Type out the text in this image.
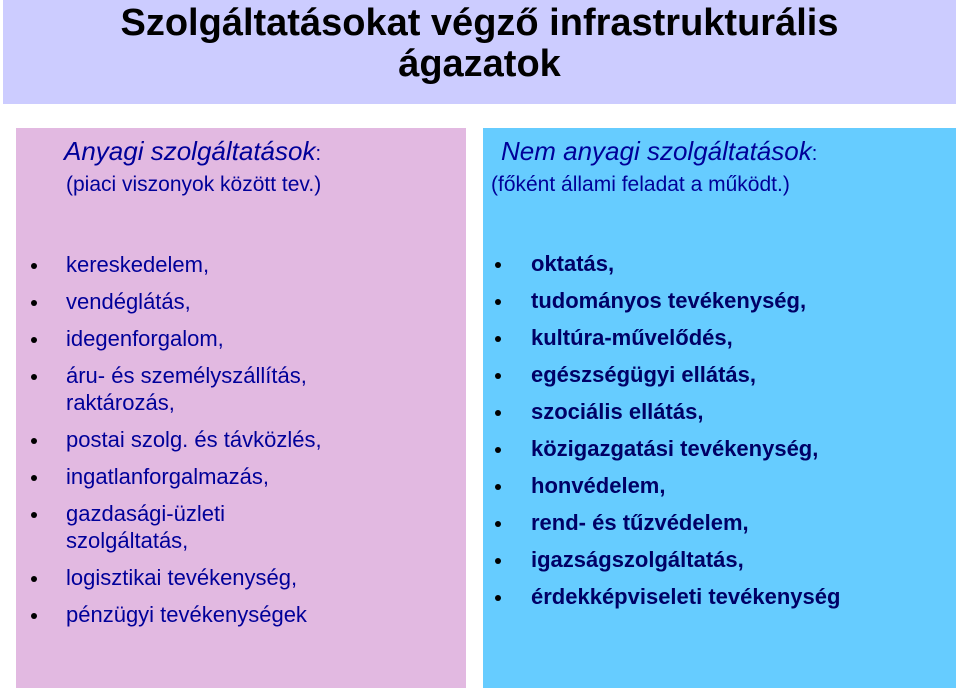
Szolgáltatásokat végző infrastrukturális
ágazatok

Anyagi szolgáltatások:

(piaci viszonyok között tev.)

kereskedelem,
vendéglátás,
idegenforgalom,
áru- és személyszállítás,
raktározás,
postai szolg. és távközlés,
ingatlanforgalmazás,
gazdasági-üzleti
szolgáltatás,
logisztikai tevékenység,
pénzügyi tevékenységek

Nem anyagi szolgáltatások:

(főként állami feladat a működt.)

oktatás,
tudományos tevékenység,
kultúra-művelődés,
egészségügyi ellátás,
szociális ellátás,
közigazgatási tevékenység,
honvédelem,
rend- és tűzvédelem,
igazságszolgáltatás,
érdekképviseleti tevékenység
